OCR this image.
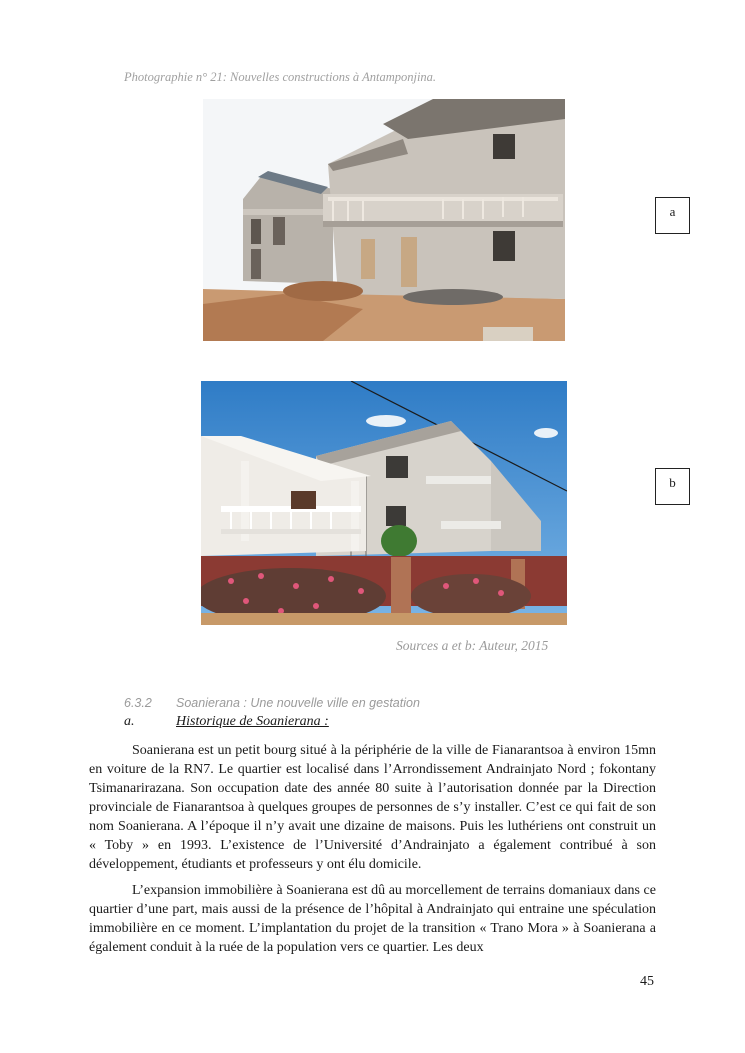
Photographie n° 21: Nouvelles constructions à Antamponjina.
a
b
Sources a et b: Auteur, 2015
6.3.2 Soanierana : Une nouvelle ville en gestation
a.	Historique de Soanierana :

Soanierana est un petit bourg situé à la périphérie de la ville de Fianarantsoa à environ 15mn en voiture de la RN7. Le quartier est localisé dans l’Arrondissement Andrainjato Nord ; fokontany Tsimanarirazana. Son occupation date des année 80 suite à l’autorisation donnée par la Direction provinciale de Fianarantsoa à quelques groupes de personnes de s’y installer. C’est ce qui fait de son nom Soanierana. A l’époque il n’y avait une dizaine de maisons. Puis les luthériens ont construit un « Toby » en 1993. L’existence de l’Université d’Andrainjato a également contribué à son développement, étudiants et professeurs y ont élu domicile.

L’expansion immobilière à Soanierana est dû au morcellement de terrains domaniaux dans ce quartier d’une part, mais aussi de la présence de l’hôpital à Andrainjato qui entraine une spéculation immobilière en ce moment. L’implantation du projet de la transition « Trano Mora » à Soanierana a également conduit à la ruée de la population vers ce quartier. Les deux

45
